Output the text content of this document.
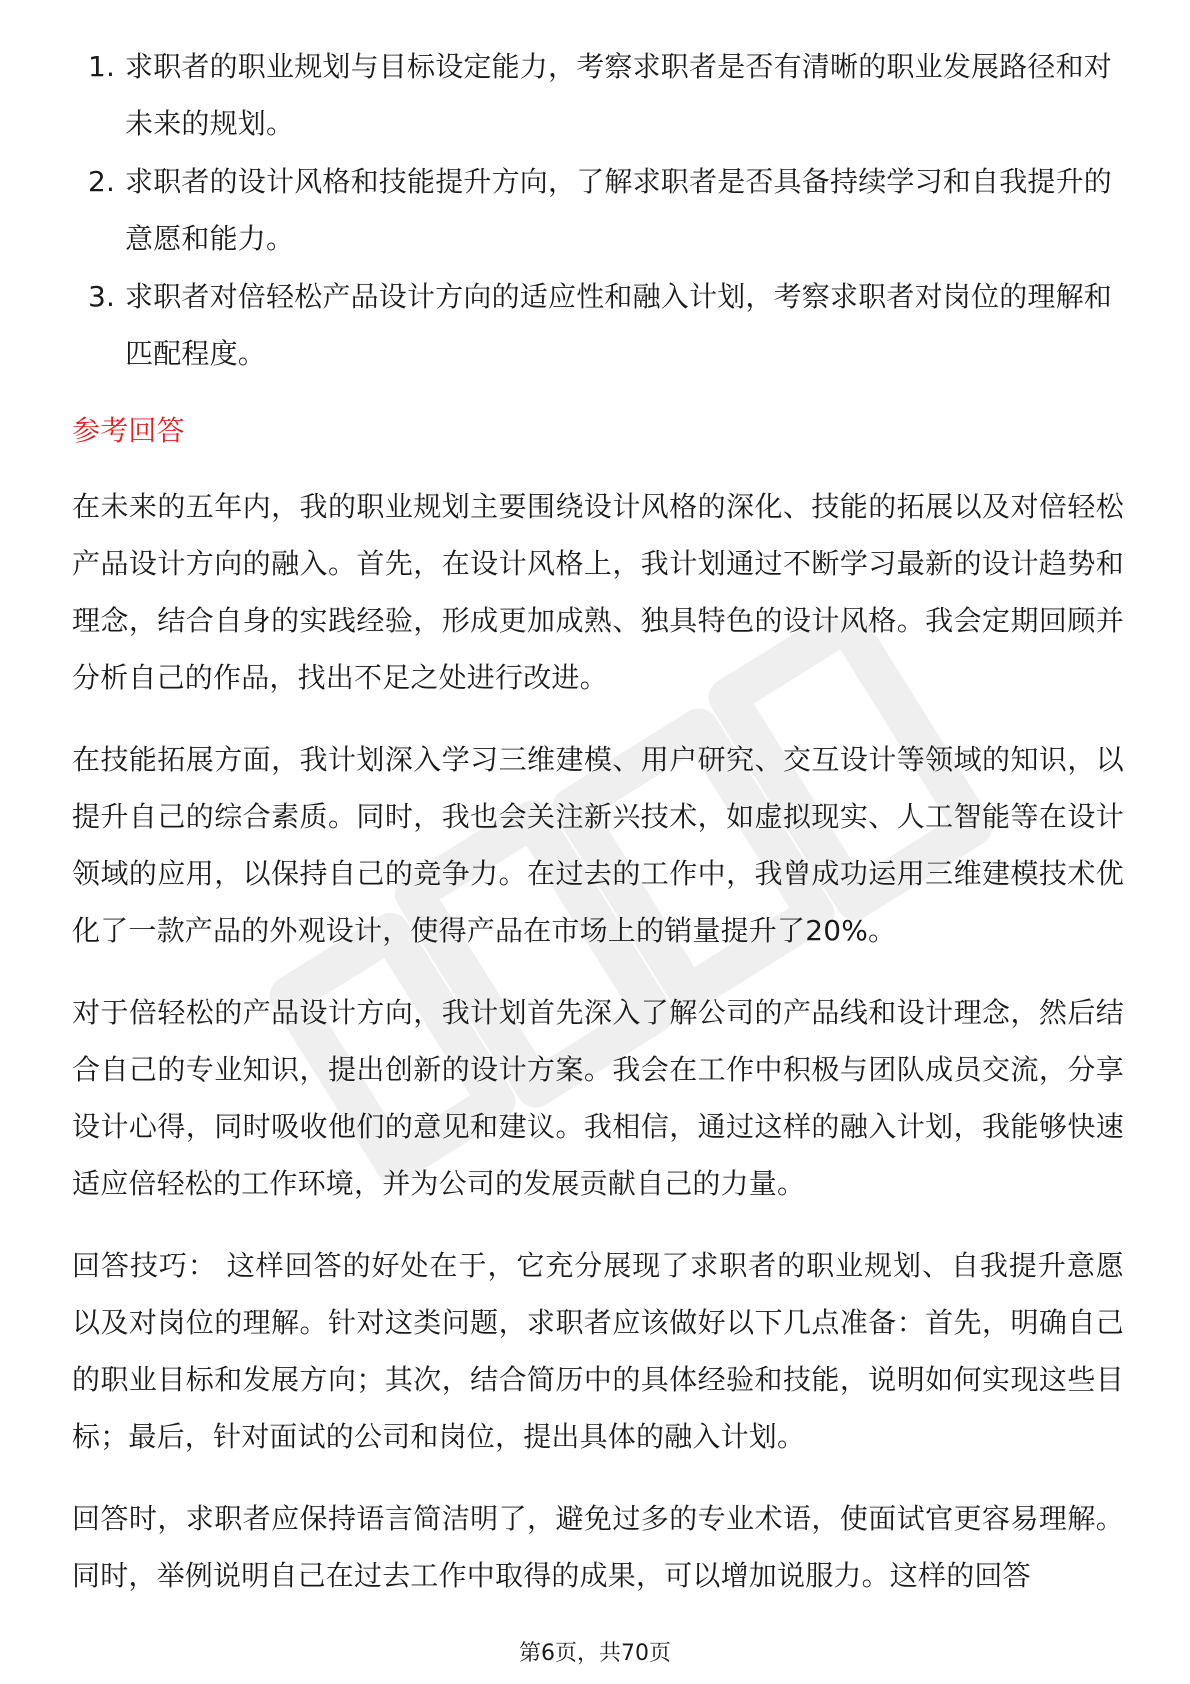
1. 求职者的职业规划与目标设定能力，考察求职者是否有清晰的职业发展路径和对未来的规划。
2. 求职者的设计风格和技能提升方向，了解求职者是否具备持续学习和自我提升的意愿和能力。
3. 求职者对倍轻松产品设计方向的适应性和融入计划，考察求职者对岗位的理解和匹配程度。
参考回答

在未来的五年内，我的职业规划主要围绕设计风格的深化、技能的拓展以及对倍轻松产品设计方向的融入。首先，在设计风格上，我计划通过不断学习最新的设计趋势和理念，结合自身的实践经验，形成更加成熟、独具特色的设计风格。我会定期回顾并分析自己的作品，找出不足之处进行改进。

在技能拓展方面，我计划深入学习三维建模、用户研究、交互设计等领域的知识，以提升自己的综合素质。同时，我也会关注新兴技术，如虚拟现实、人工智能等在设计领域的应用，以保持自己的竞争力。在过去的工作中，我曾成功运用三维建模技术优化了一款产品的外观设计，使得产品在市场上的销量提升了20%。

对于倍轻松的产品设计方向，我计划首先深入了解公司的产品线和设计理念，然后结合自己的专业知识，提出创新的设计方案。我会在工作中积极与团队成员交流，分享设计心得，同时吸收他们的意见和建议。我相信，通过这样的融入计划，我能够快速适应倍轻松的工作环境，并为公司的发展贡献自己的力量。

回答技巧： 这样回答的好处在于，它充分展现了求职者的职业规划、自我提升意愿以及对岗位的理解。针对这类问题，求职者应该做好以下几点准备：首先，明确自己的职业目标和发展方向；其次，结合简历中的具体经验和技能，说明如何实现这些目标；最后，针对面试的公司和岗位，提出具体的融入计划。

回答时，求职者应保持语言简洁明了，避免过多的专业术语，使面试官更容易理解。同时，举例说明自己在过去工作中取得的成果，可以增加说服力。这样的回答

第6页，共70页
